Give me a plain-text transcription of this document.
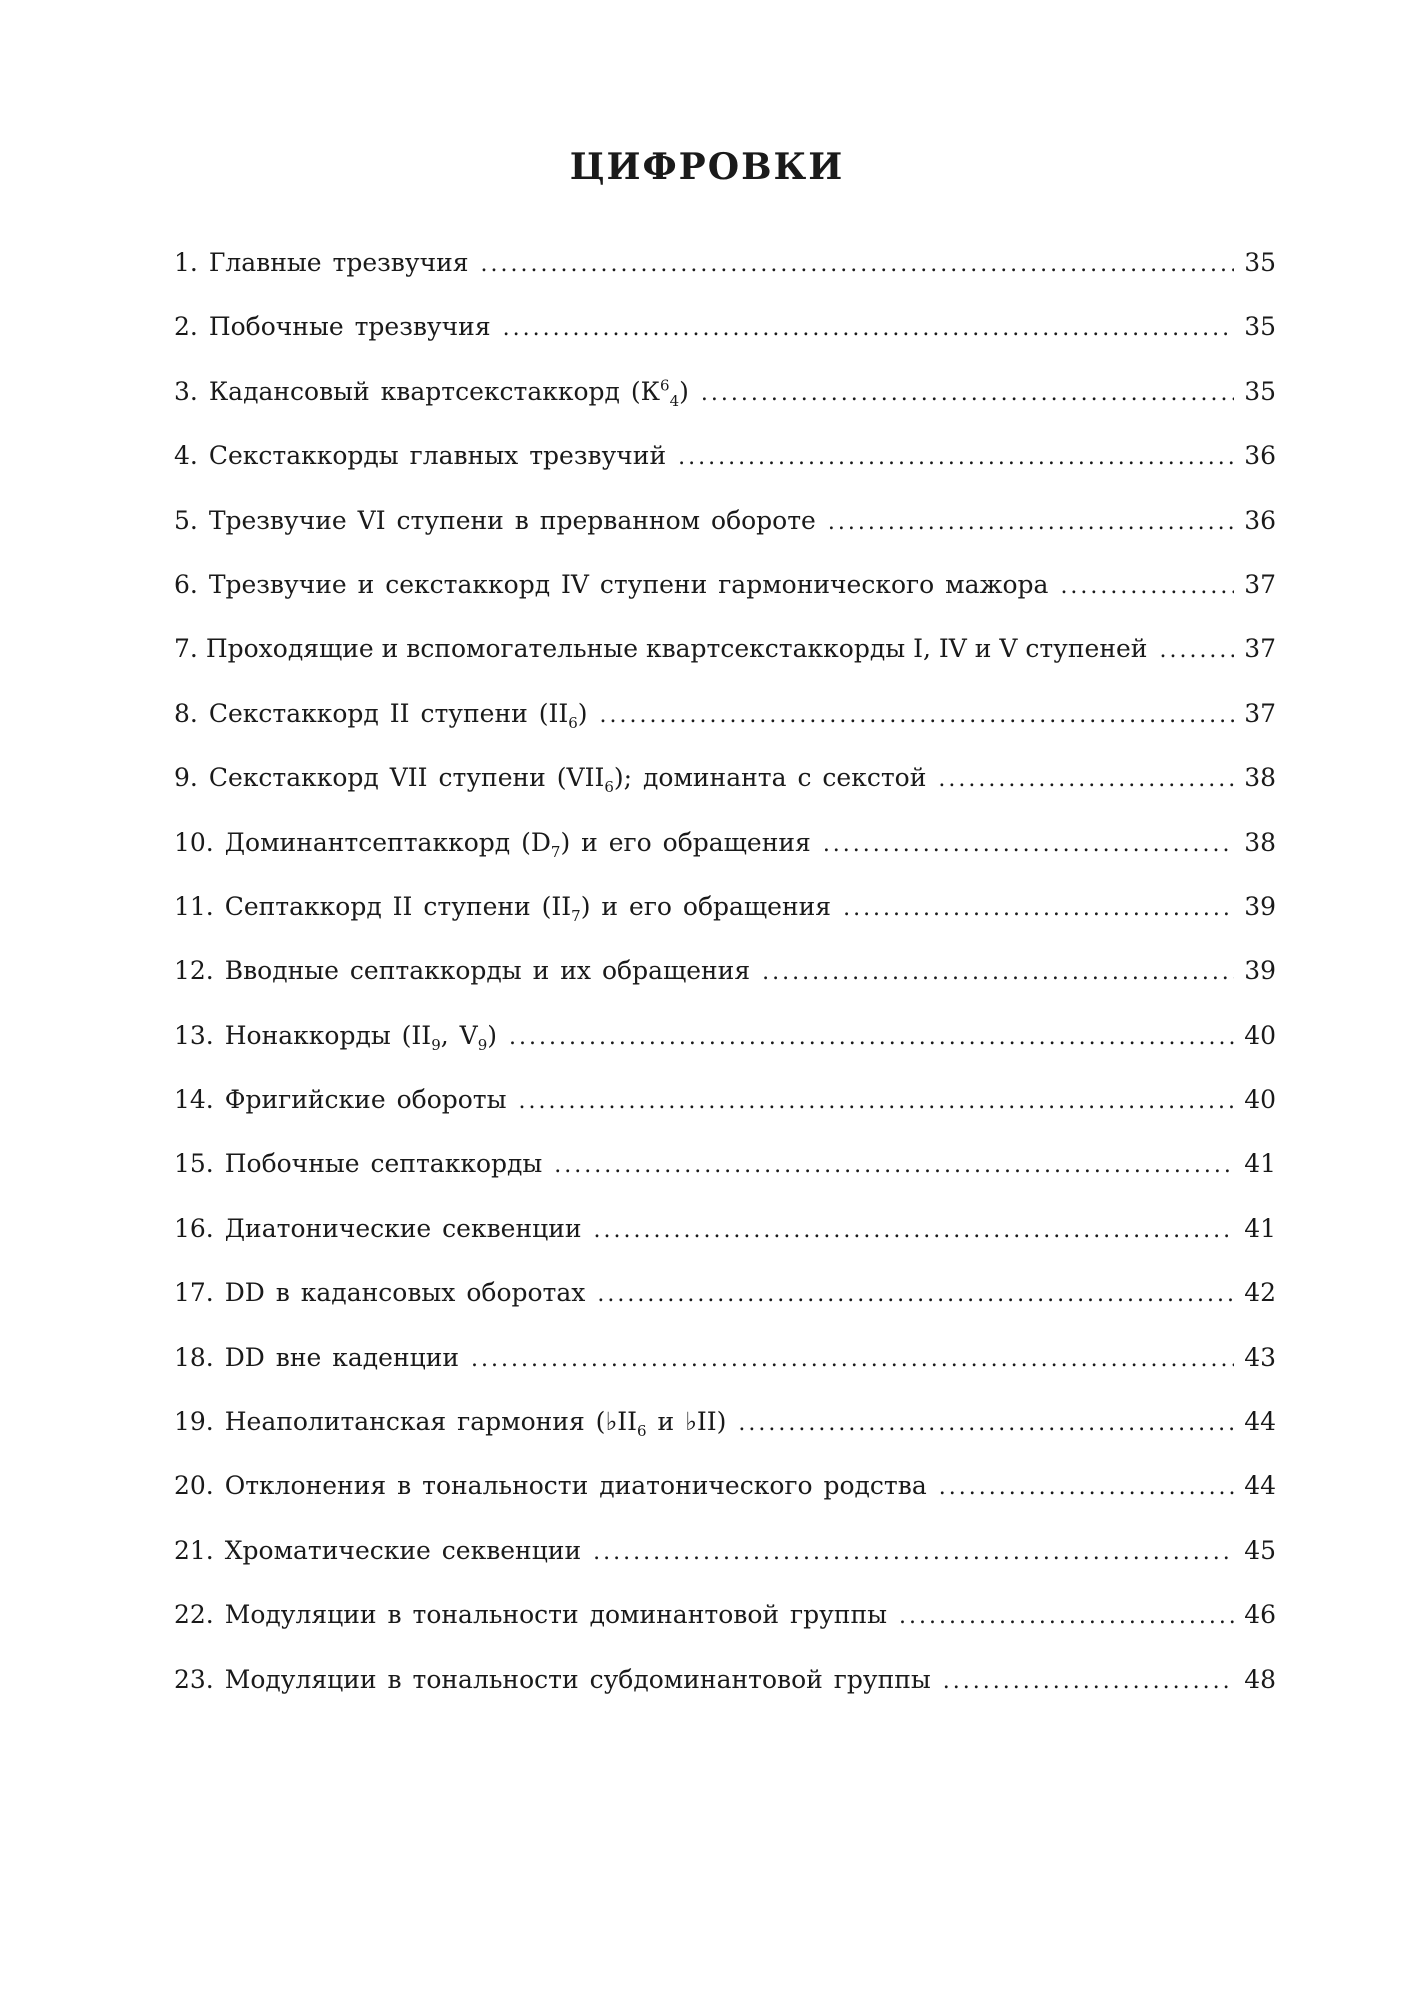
ЦИФРОВКИ
1. Главные трезвучия .....	35
2. Побочные трезвучия .....	35
3. Кадансовый квартсекстаккорд $(К^6_4)$ .....	35
4. Секстаккорды главных трезвучий .....	36
5. Трезвучие VI ступени в прерванном обороте .....	36
6. Трезвучие и секстаккорд IV ступени гармонического мажора .....	37
7. Проходящие и вспомогательные квартсекстаккорды I, IV и V ступеней .....	37
8. Секстаккорд II ступени $(II_6)$ .....	37
9. Секстаккорд VII ступени $(VII_6)$; доминанта с секстой .....	38
10. Доминантсептаккорд $(D_7)$ и его обращения .....	38
11. Септаккорд II ступени $(II_7)$ и его обращения .....	39
12. Вводные септаккорды и их обращения .....	39
13. Нонаккорды ($II_9$, $V_9$) .....	40
14. Фригийские обороты .....	40
15. Побочные септаккорды .....	41
16. Диатонические секвенции .....	41
17. DD в кадансовых оборотах .....	42
18. DD вне каденции .....	43
19. Неаполитанская гармония ($♭II_6$ и ♭II) .....	44
20. Отклонения в тональности диатонического родства .....	44
21. Хроматические секвенции .....	45
22. Модуляции в тональности доминантовой группы .....	46
23. Модуляции в тональности субдоминантовой группы .....	48
